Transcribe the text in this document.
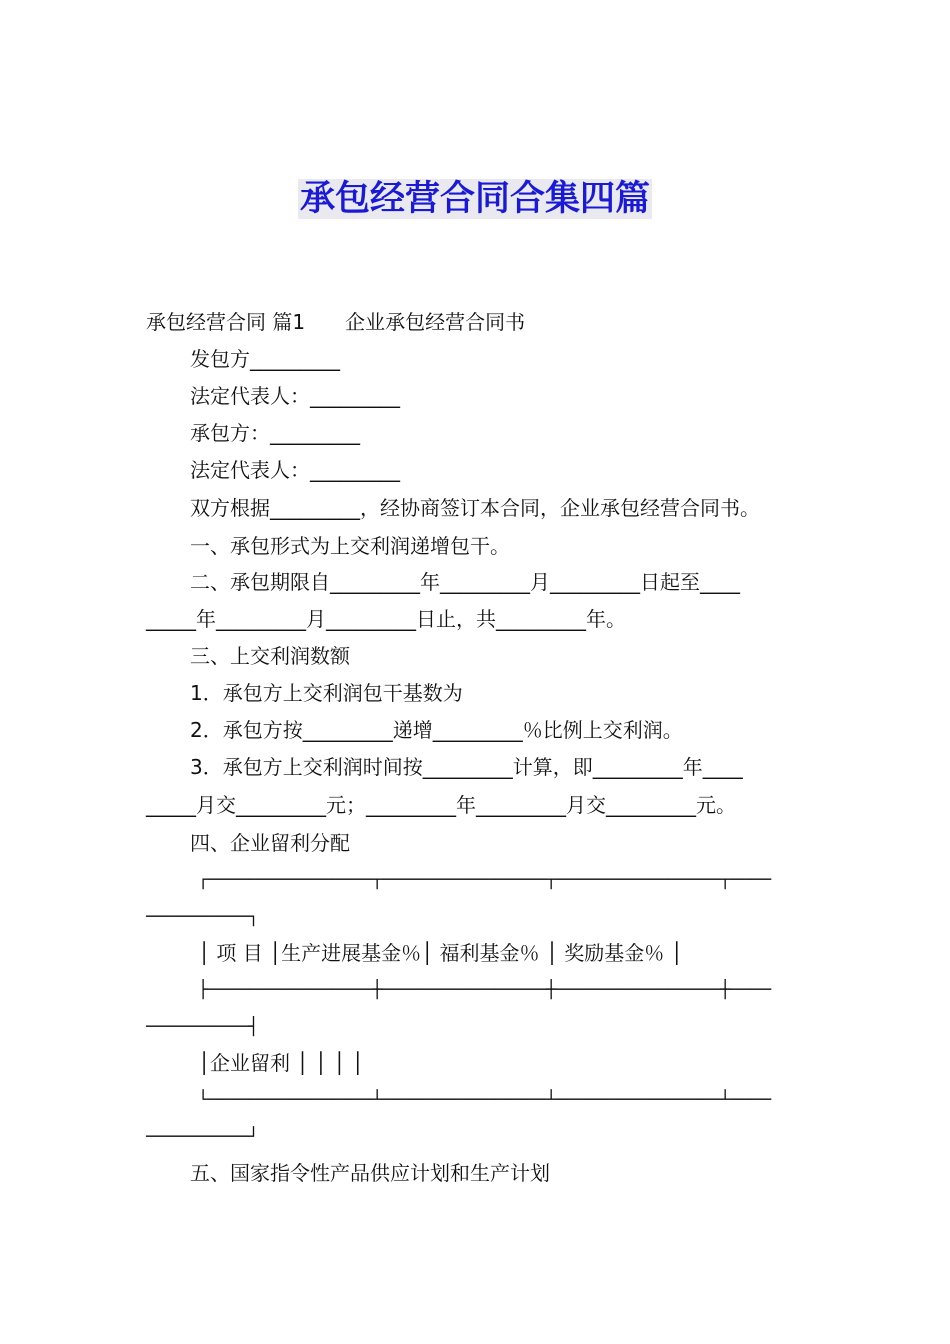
承包经营合同合集四篇
承包经营合同 篇1　　企业承包经营合同书
发包方_________
法定代表人：_________
承包方：_________
法定代表人：_________
双方根据_________，经协商签订本合同，企业承包经营合同书。
一、承包形式为上交利润递增包干。
二、承包期限自_________年_________月_________日起至____
_____年_________月_________日止，共_________年。
三、上交利润数额
1．承包方上交利润包干基数为
2．承包方按_________递增_________％比例上交利润。
3．承包方上交利润时间按_________计算，即_________年____
_____月交_________元；_________年_________月交_________元。
四、企业留利分配
┌────────────────┬────────────────┬────────────────┬────
──────────┐
│ 项 目 │生产进展基金％│ 福利基金％ │ 奖励基金％ │
├────────────────┼────────────────┼────────────────┼────
──────────┤
│企业留利 │ │ │ │
└────────────────┴────────────────┴────────────────┴────
──────────┘
五、国家指令性产品供应计划和生产计划
